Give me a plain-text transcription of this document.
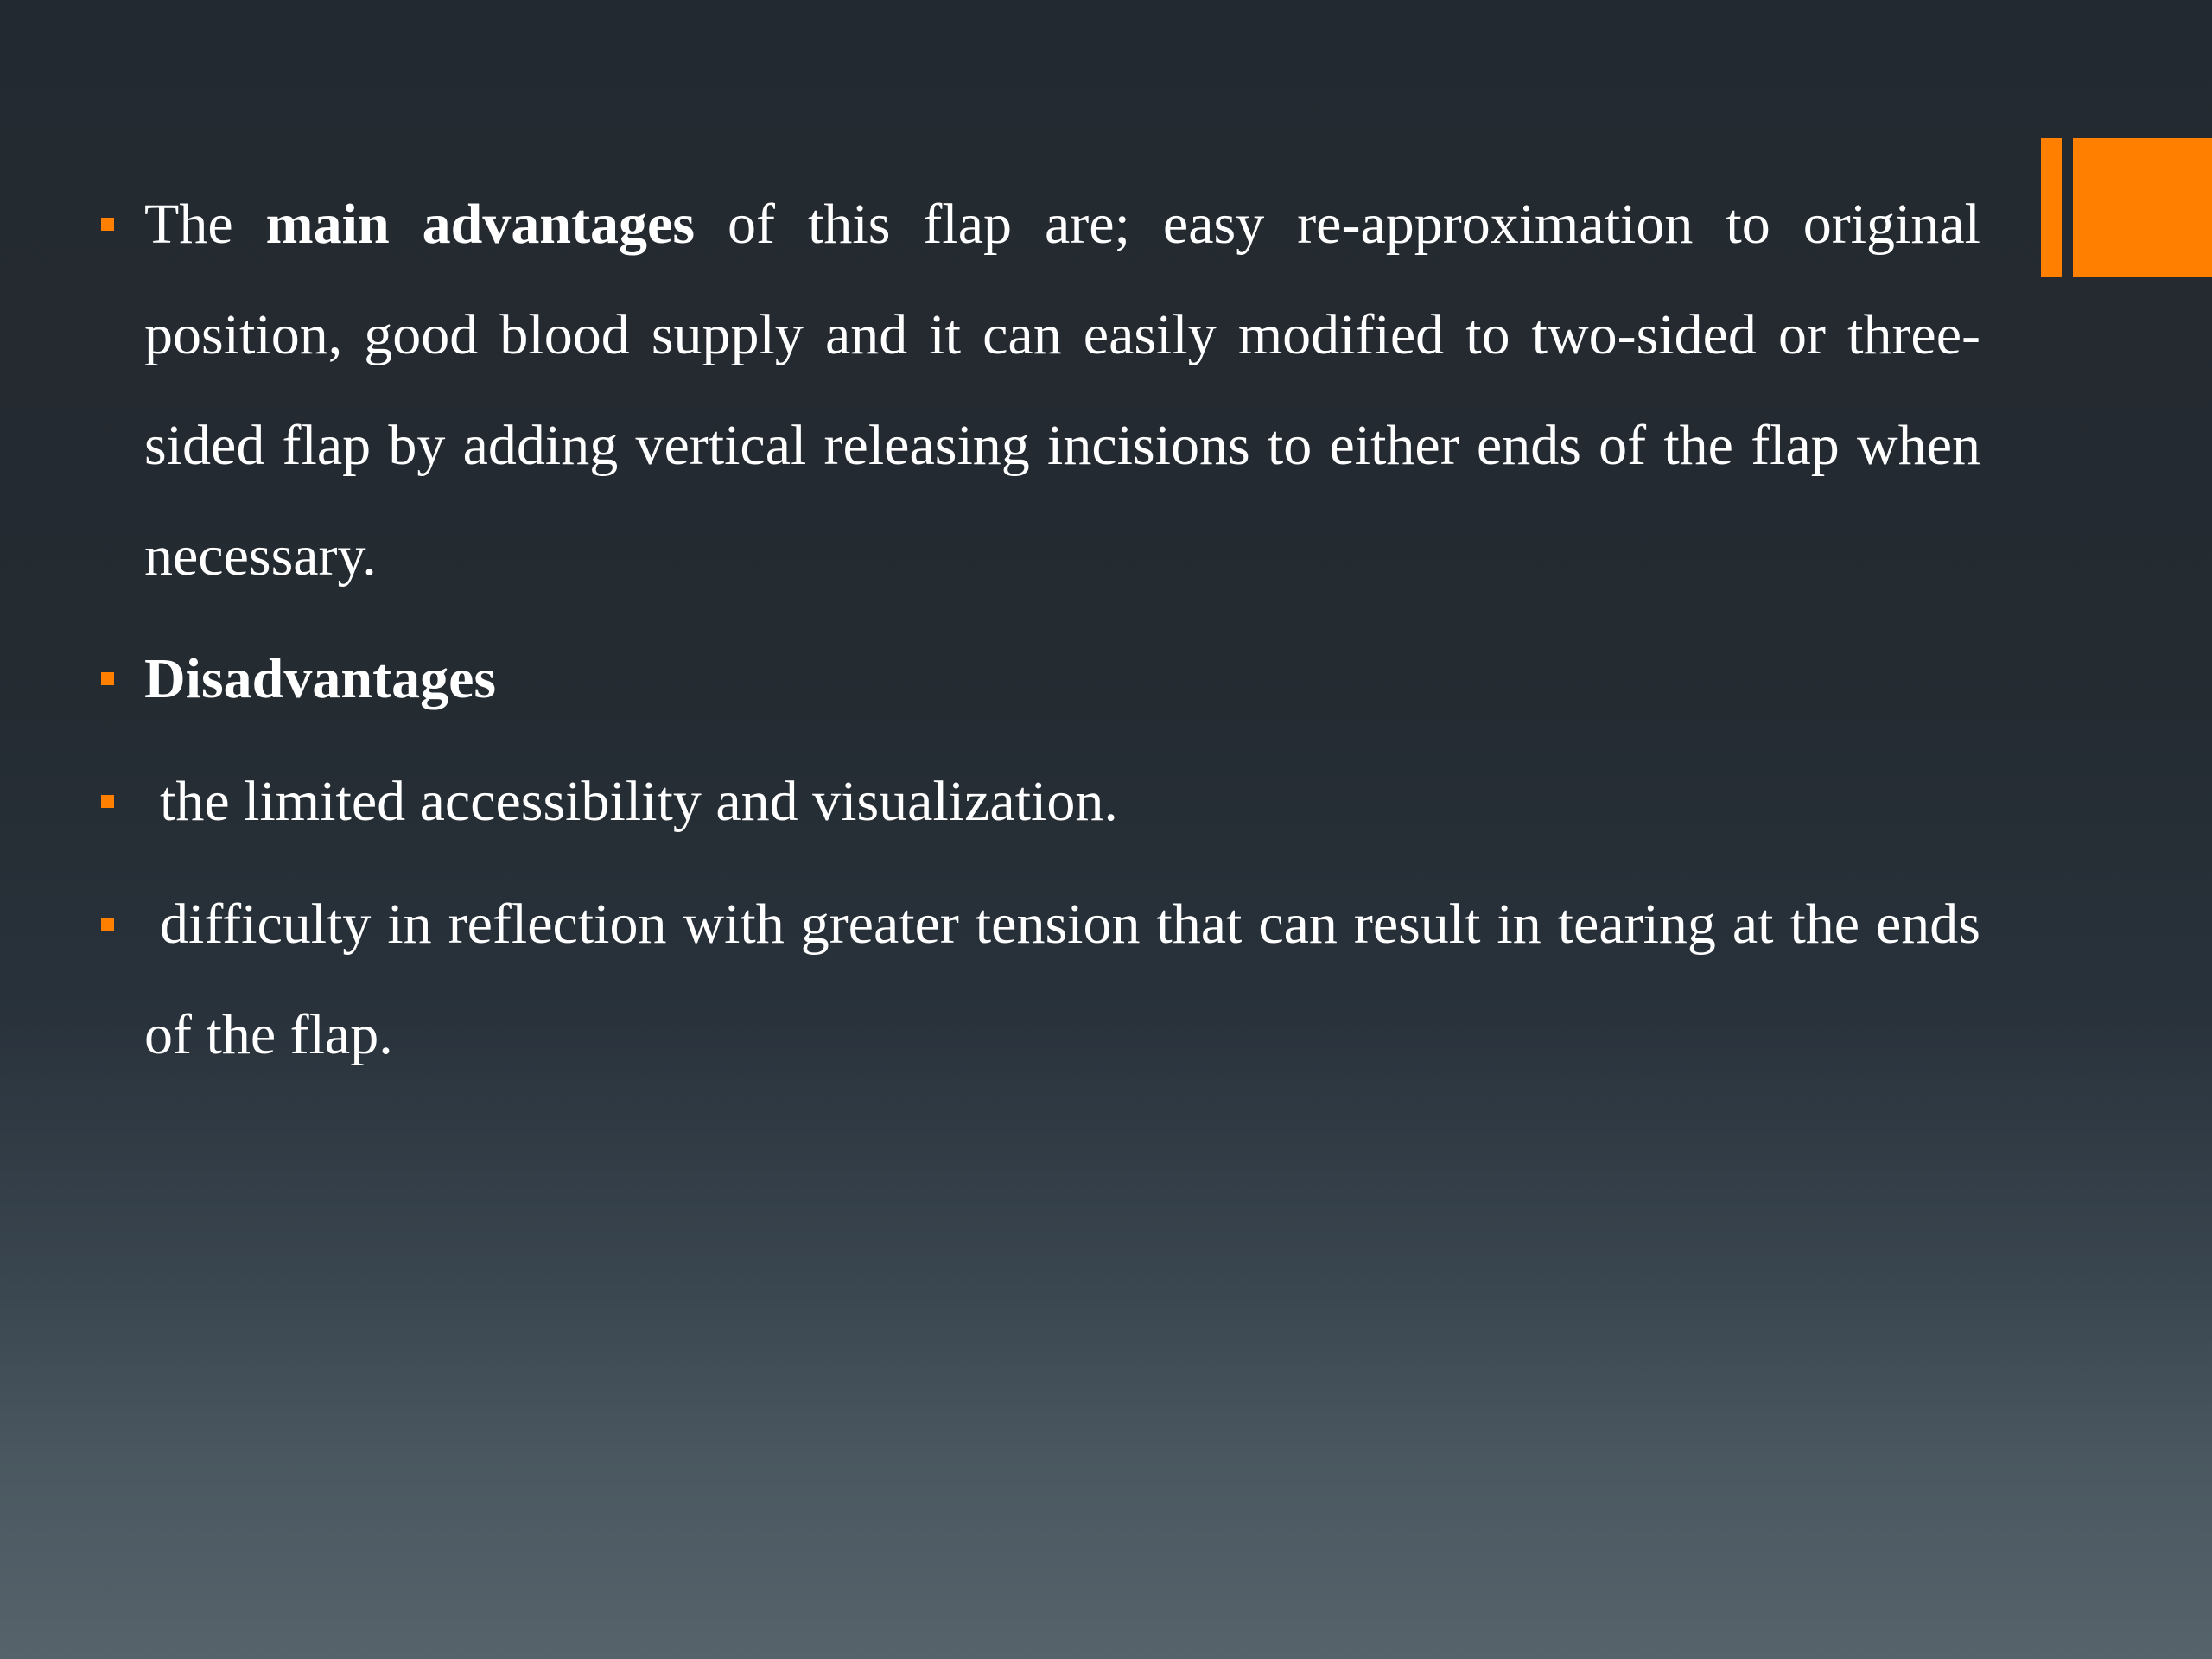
The main advantages of this flap are; easy re-approximation to original position, good blood supply and it can easily modified to two-sided or three-sided flap by adding vertical releasing incisions to either ends of the flap when necessary.
Disadvantages
the limited accessibility and visualization.
difficulty in reflection with greater tension that can result in tearing at the ends of the flap.
